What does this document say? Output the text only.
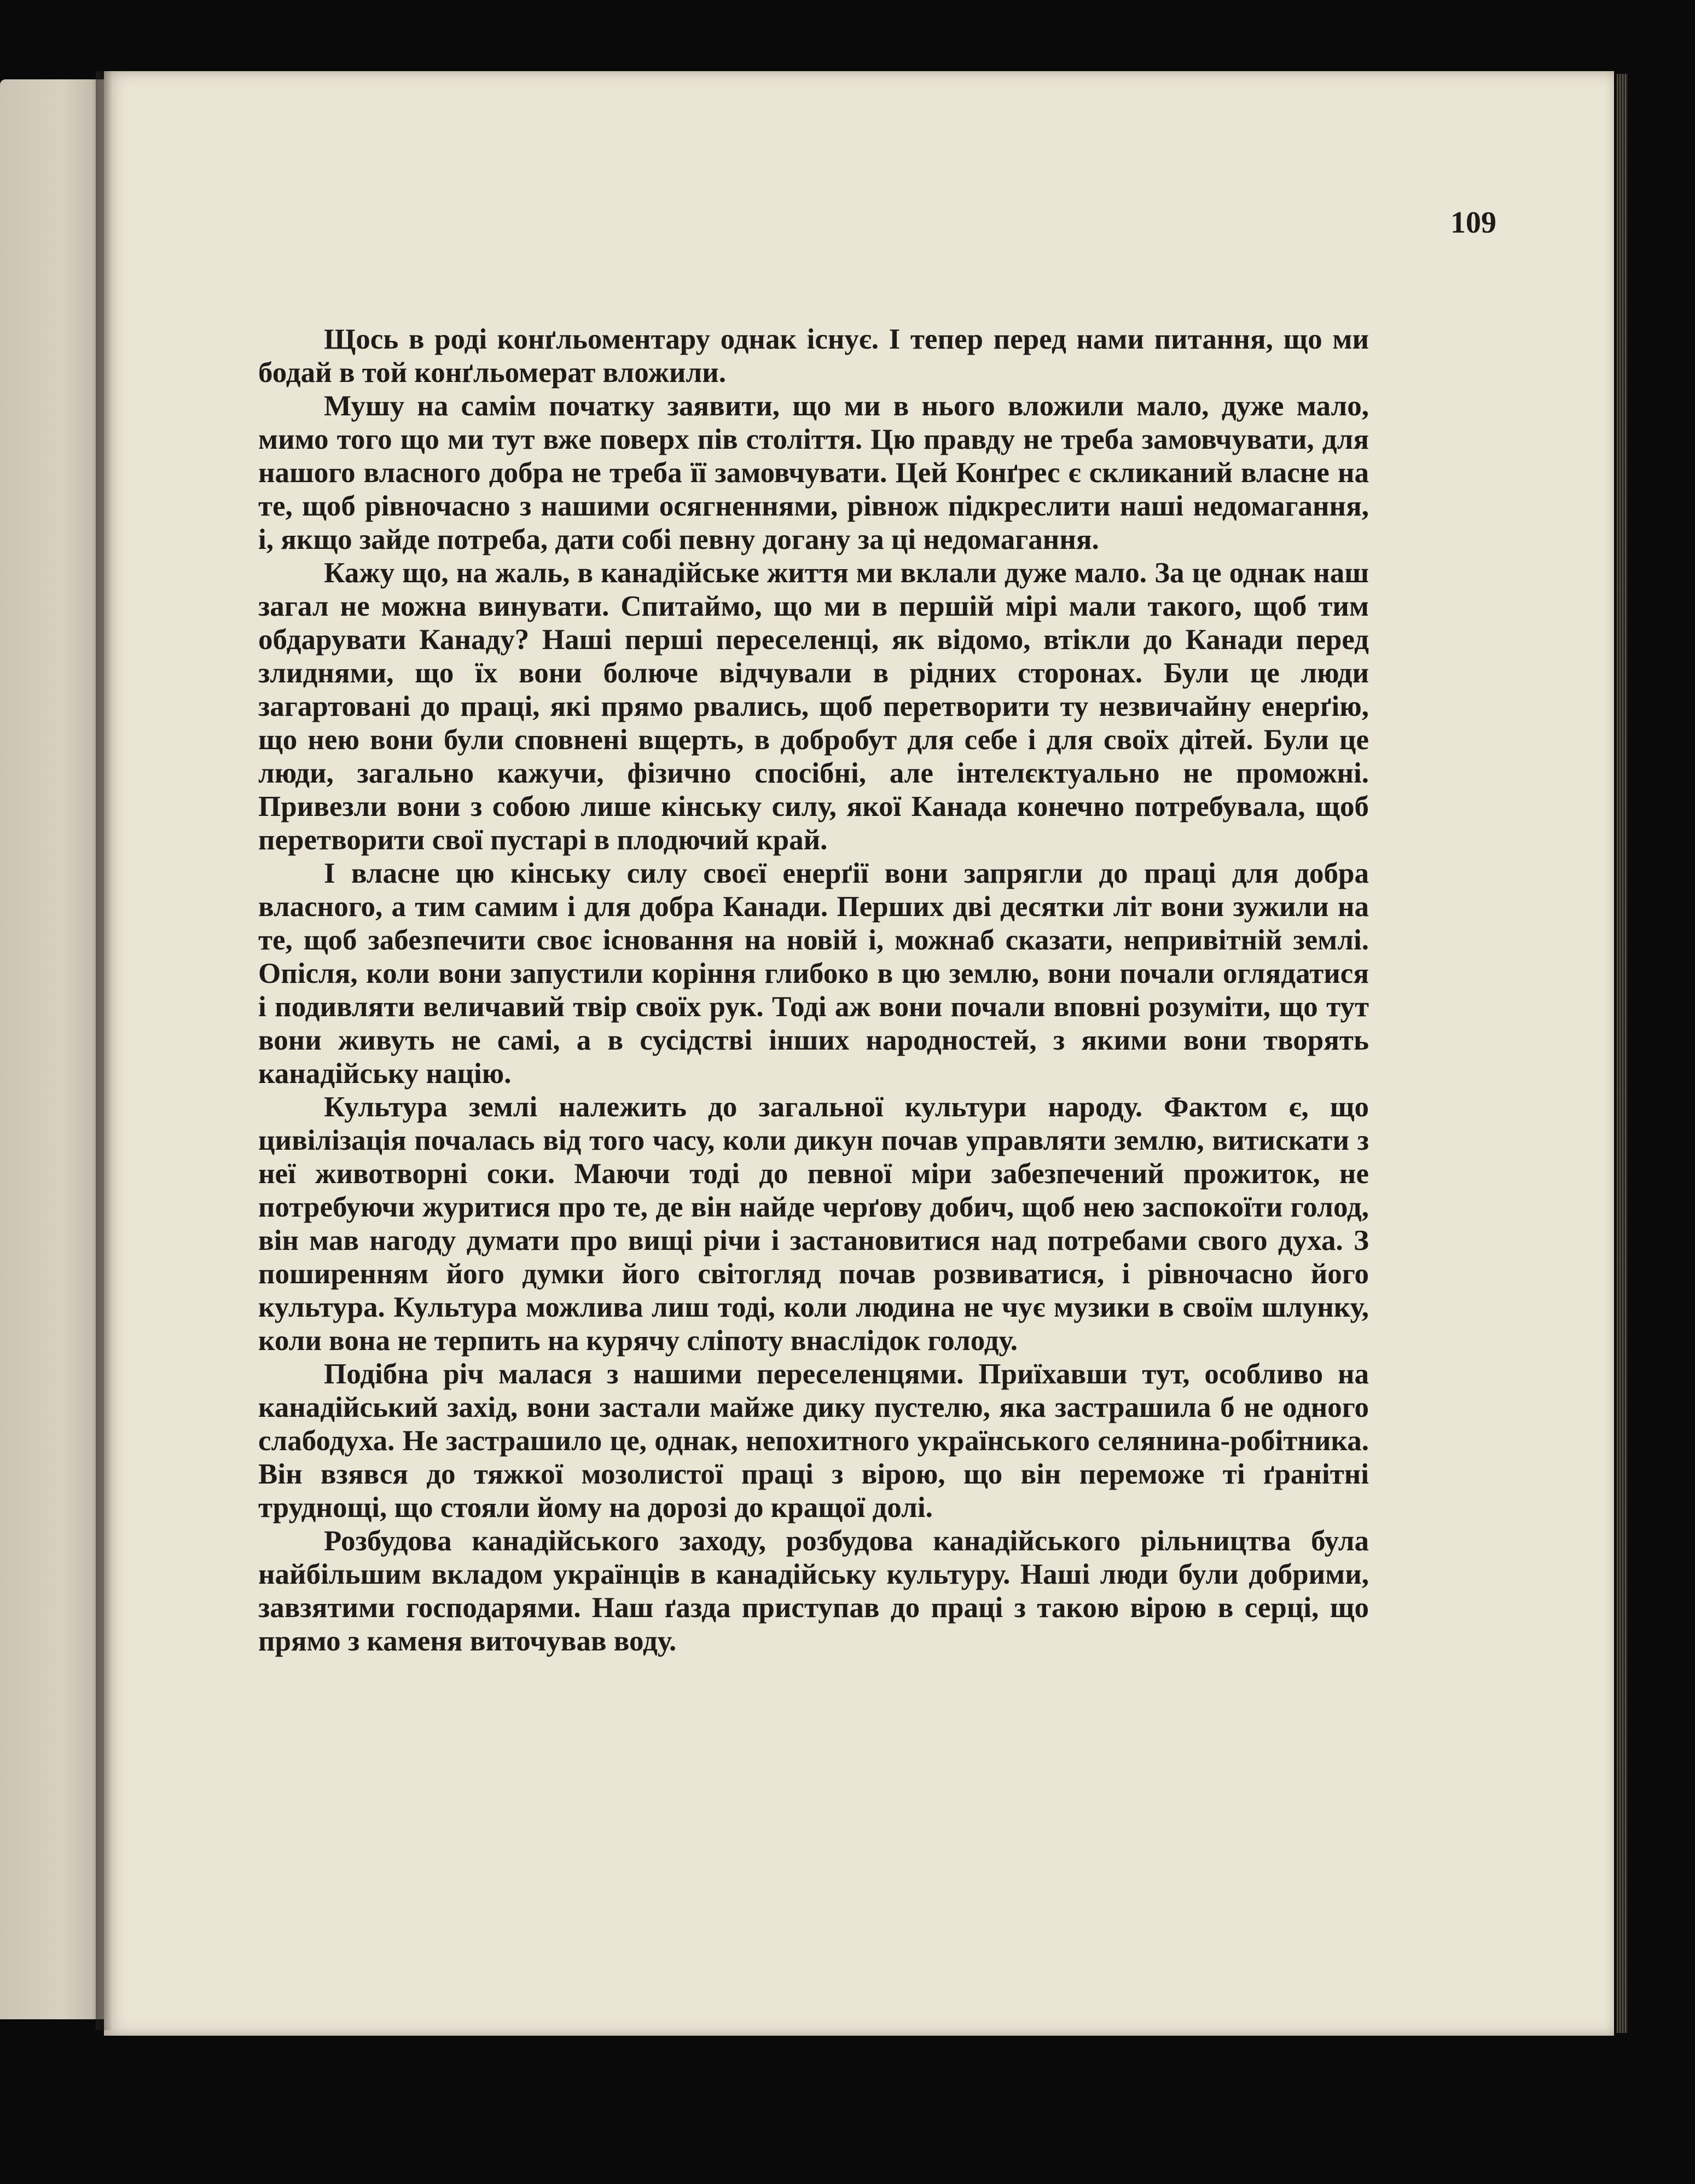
109

Щось в роді конґльоментару однак існує. І тепер перед нами питання, що ми бодай в той конґльомерат вложили.

Мушу на самім початку заявити, що ми в нього вложили мало, дуже мало, мимо того що ми тут вже поверх пів століття. Цю правду не треба замовчувати, для нашого власного добра не треба її замовчувати. Цей Конґрес є скликаний власне на те, щоб рівночасно з нашими осягненнями, рівнож підкреслити наші недомагання, і, якщо зайде потреба, дати собі певну догану за ці недомагання.

Кажу що, на жаль, в канадійське життя ми вклали дуже мало. За це однак наш загал не можна винувати. Спитаймо, що ми в першій мірі мали такого, щоб тим обдарувати Канаду? Наші перші переселенці, як відомо, втікли до Канади перед злиднями, що їх вони болюче відчували в рідних сторонах. Були це люди загартовані до праці, які прямо рвались, щоб перетворити ту незвичайну енерґію, що нею вони були сповнені вщерть, в добробут для себе і для своїх дітей. Були це люди, загально кажучи, фізично спосібні, але інтелєктуально не проможні. Привезли вони з собою лише кінську силу, якої Канада конечно потребувала, щоб перетворити свої пустарі в плодючий край.

І власне цю кінську силу своєї енерґії вони запрягли до праці для добра власного, а тим самим і для добра Канади. Перших дві десятки літ вони зужили на те, щоб забезпечити своє існовання на новій і, можнаб сказати, непривітній землі. Опісля, коли вони запустили коріння глибоко в цю землю, вони почали оглядатися і подивляти величавий твір своїх рук. Тоді аж вони почали вповні розуміти, що тут вони живуть не самі, а в сусідстві інших народностей, з якими вони творять канадійську націю.

Культура землі належить до загальної культури народу. Фактом є, що цивілізація почалась від того часу, коли дикун почав управляти землю, витискати з неї животворні соки. Маючи тоді до певної міри забезпечений прожиток, не потребуючи журитися про те, де він найде черґову добич, щоб нею заспокоїти голод, він мав нагоду думати про вищі річи і застановитися над потребами свого духа. З поширенням його думки його світогляд почав розвиватися, і рівночасно його культура. Культура можлива лиш тоді, коли людина не чує музики в своїм шлунку, коли вона не терпить на курячу сліпоту внаслідок голоду.

Подібна річ малася з нашими переселенцями. Приїхавши тут, особливо на канадійський захід, вони застали майже дику пустелю, яка застрашила б не одного слабодуха. Не застрашило це, однак, непохитного українського селянина-робітника. Він взявся до тяжкої мозолистої праці з вірою, що він переможе ті ґранітні труднощі, що стояли йому на дорозі до кращої долі.

Розбудова канадійського заходу, розбудова канадійського рільництва була найбільшим вкладом українців в канадійську культуру. Наші люди були добрими, завзятими господарями. Наш ґазда приступав до праці з такою вірою в серці, що прямо з каменя виточував воду.
